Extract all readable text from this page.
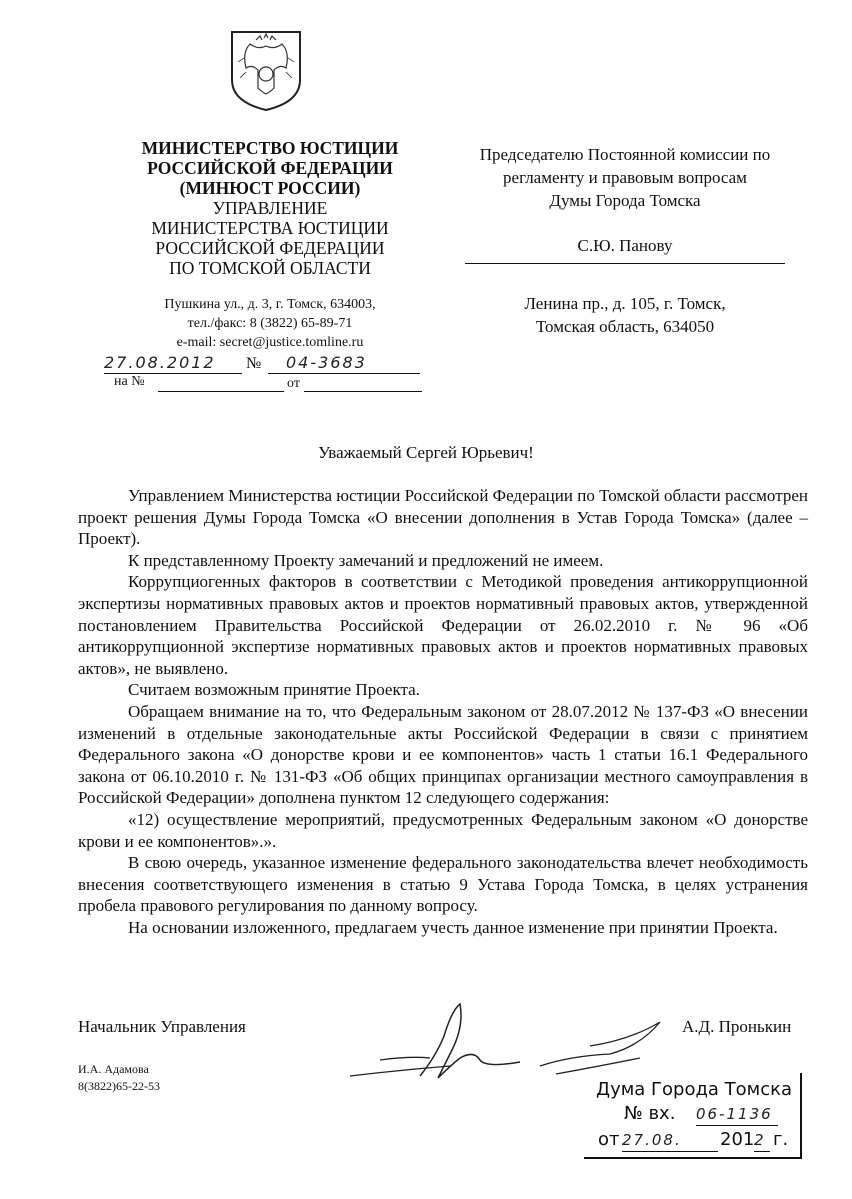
МИНИСТЕРСТВО ЮСТИЦИИ
РОССИЙСКОЙ ФЕДЕРАЦИИ
(МИНЮСТ РОССИИ)
УПРАВЛЕНИЕ
МИНИСТЕРСТВА ЮСТИЦИИ
РОССИЙСКОЙ ФЕДЕРАЦИИ
ПО ТОМСКОЙ ОБЛАСТИ
Пушкина ул., д. 3, г. Томск, 634003,
тел./факс: 8 (3822) 65-89-71
e-mail: secret@justice.tomline.ru
27.08.2012	№	04-3683
на №	от
Председателю Постоянной комиссии по
регламенту и правовым вопросам
Думы Города Томска
С.Ю. Панову
Ленина пр., д. 105, г. Томск,
Томская область, 634050
Уважаемый Сергей Юрьевич!

Управлением Министерства юстиции Российской Федерации по Томской области рассмотрен проект решения Думы Города Томска «О внесении дополнения в Устав Города Томска» (далее – Проект).

К представленному Проекту замечаний и предложений не имеем.

Коррупциогенных факторов в соответствии с Методикой проведения антикоррупционной экспертизы нормативных правовых актов и проектов нормативный правовых актов, утвержденной постановлением Правительства Российской Федерации от 26.02.2010 г. № 96 «Об антикоррупционной экспертизе нормативных правовых актов и проектов нормативных правовых актов», не выявлено.

Считаем возможным принятие Проекта.

Обращаем внимание на то, что Федеральным законом от 28.07.2012 № 137-ФЗ «О внесении изменений в отдельные законодательные акты Российской Федерации в связи с принятием Федерального закона «О донорстве крови и ее компонентов» часть 1 статьи 16.1 Федерального закона от 06.10.2010 г. № 131-ФЗ «Об общих принципах организации местного самоуправления в Российской Федерации» дополнена пунктом 12 следующего содержания:

«12) осуществление мероприятий, предусмотренных Федеральным законом «О донорстве крови и ее компонентов».».

В свою очередь, указанное изменение федерального законодательства влечет необходимость внесения соответствующего изменения в статью 9 Устава Города Томска, в целях устранения пробела правового регулирования по данному вопросу.

На основании изложенного, предлагаем учесть данное изменение при принятии Проекта.

Начальник Управления	А.Д. Пронькин
И.А. Адамова
8(3822)65-22-53	Дума Города Томска
№ вх. 06-1136
от 27.08.	201 2 г.
